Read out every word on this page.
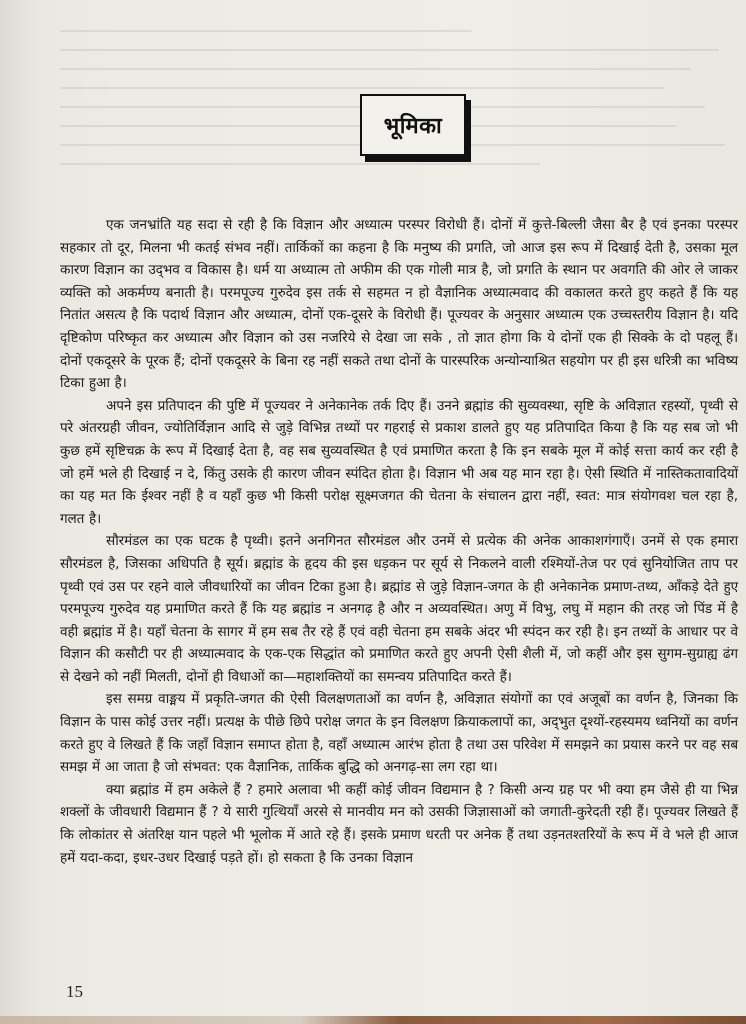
भूमिका

एक जनभ्रांति यह सदा से रही है कि विज्ञान और अध्यात्म परस्पर विरोधी हैं। दोनों में कुत्ते-बिल्ली जैसा बैर है एवं इनका परस्पर सहकार तो दूर, मिलना भी कतई संभव नहीं। तार्किकों का कहना है कि मनुष्य की प्रगति, जो आज इस रूप में दिखाई देती है, उसका मूल कारण विज्ञान का उद्‌भव व विकास है। धर्म या अध्यात्म तो अफीम की एक गोली मात्र है, जो प्रगति के स्थान पर अवगति की ओर ले जाकर व्यक्ति को अकर्मण्य बनाती है। परमपूज्य गुरुदेव इस तर्क से सहमत न हो वैज्ञानिक अध्यात्मवाद की वकालत करते हुए कहते हैं कि यह नितांत असत्य है कि पदार्थ विज्ञान और अध्यात्म, दोनों एक-दूसरे के विरोधी हैं। पूज्यवर के अनुसार अध्यात्म एक उच्चस्तरीय विज्ञान है। यदि दृष्टिकोण परिष्कृत कर अध्यात्म और विज्ञान को उस नजरिये से देखा जा सके , तो ज्ञात होगा कि ये दोनों एक ही सिक्के के दो पहलू हैं। दोनों एकदूसरे के पूरक हैं; दोनों एकदूसरे के बिना रह नहीं सकते तथा दोनों के पारस्परिक अन्योन्याश्रित सहयोग पर ही इस धरित्री का भविष्य टिका हुआ है।

अपने इस प्रतिपादन की पुष्टि में पूज्यवर ने अनेकानेक तर्क दिए हैं। उनने ब्रह्मांड की सुव्यवस्था, सृष्टि के अविज्ञात रहस्यों, पृथ्वी से परे अंतरग्रही जीवन, ज्योतिर्विज्ञान आदि से जुड़े विभिन्न तथ्यों पर गहराई से प्रकाश डालते हुए यह प्रतिपादित किया है कि यह सब जो भी कुछ हमें सृष्टिचक्र के रूप में दिखाई देता है, वह सब सुव्यवस्थित है एवं प्रमाणित करता है कि इन सबके मूल में कोई सत्ता कार्य कर रही है जो हमें भले ही दिखाई न दे, किंतु उसके ही कारण जीवन स्पंदित होता है। विज्ञान भी अब यह मान रहा है। ऐसी स्थिति में नास्तिकतावादियों का यह मत कि ईश्वर नहीं है व यहाँ कुछ भी किसी परोक्ष सूक्ष्मजगत की चेतना के संचालन द्वारा नहीं, स्वत: मात्र संयोगवश चल रहा है, गलत है।

सौरमंडल का एक घटक है पृथ्वी। इतने अनगिनत सौरमंडल और उनमें से प्रत्येक की अनेक आकाशगंगाएँ। उनमें से एक हमारा सौरमंडल है, जिसका अधिपति है सूर्य। ब्रह्मांड के हृदय की इस धड़कन पर सूर्य से निकलने वाली रश्मियों-तेज पर एवं सुनियोजित ताप पर पृथ्वी एवं उस पर रहने वाले जीवधारियों का जीवन टिका हुआ है। ब्रह्मांड से जुड़े विज्ञान-जगत के ही अनेकानेक प्रमाण-तथ्य, आँकड़े देते हुए परमपूज्य गुरुदेव यह प्रमाणित करते हैं कि यह ब्रह्मांड न अनगढ़ है और न अव्यवस्थित। अणु में विभु, लघु में महान की तरह जो पिंड में है वही ब्रह्मांड में है। यहाँ चेतना के सागर में हम सब तैर रहे हैं एवं वही चेतना हम सबके अंदर भी स्पंदन कर रही है। इन तथ्यों के आधार पर वे विज्ञान की कसौटी पर ही अध्यात्मवाद के एक-एक सिद्धांत को प्रमाणित करते हुए अपनी ऐसी शैली में, जो कहीं और इस सुगम-सुग्राह्य ढंग से देखने को नहीं मिलती, दोनों ही विधाओं का—महाशक्तियों का समन्वय प्रतिपादित करते हैं।

इस समग्र वाङ्मय में प्रकृति-जगत की ऐसी विलक्षणताओं का वर्णन है, अविज्ञात संयोगों का एवं अजूबों का वर्णन है, जिनका कि विज्ञान के पास कोई उत्तर नहीं। प्रत्यक्ष के पीछे छिपे परोक्ष जगत के इन विलक्षण क्रियाकलापों का, अद्‌भुत दृश्यों-रहस्यमय ध्वनियों का वर्णन करते हुए वे लिखते हैं कि जहाँ विज्ञान समाप्त होता है, वहाँ अध्यात्म आरंभ होता है तथा उस परिवेश में समझने का प्रयास करने पर वह सब समझ में आ जाता है जो संभवत: एक वैज्ञानिक, तार्किक बुद्धि को अनगढ़-सा लग रहा था।

क्या ब्रह्मांड में हम अकेले हैं ? हमारे अलावा भी कहीं कोई जीवन विद्यमान है ? किसी अन्य ग्रह पर भी क्या हम जैसे ही या भिन्न शक्लों के जीवधारी विद्यमान हैं ? ये सारी गुत्थियाँ अरसे से मानवीय मन को उसकी जिज्ञासाओं को जगाती-कुरेदती रही हैं। पूज्यवर लिखते हैं कि लोकांतर से अंतरिक्ष यान पहले भी भूलोक में आते रहे हैं। इसके प्रमाण धरती पर अनेक हैं तथा उड़नतश्तरियों के रूप में वे भले ही आज हमें यदा-कदा, इधर-उधर दिखाई पड़ते हों। हो सकता है कि उनका विज्ञान

15
